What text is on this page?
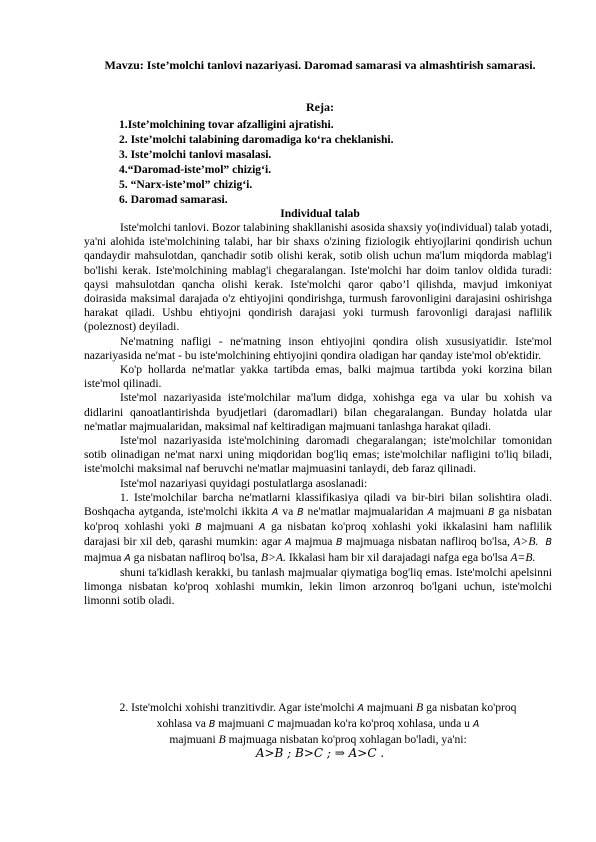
Mavzu: Iste’molchi tanlovi nazariyasi. Daromad samarasi va almashtirish samarasi.
Reja:
1.Iste’molchining tovar afzalligini ajratishi.
2. Iste’molchi talabining daromadiga ko‘ra cheklanishi.
3. Iste’molchi tanlovi masalasi.
4.“Daromad-iste’mol” chizig‘i.
5. “Narx-iste’mol” chizig‘i.
6. Daromad samarasi.
Individual talab

Iste'molchi tanlovi. Bozor talabining shakllanishi asosida shaxsiy yo(individual) talab yotadi, ya'ni alohida iste'molchining talabi, har bir shaxs o'zining fiziologik ehtiyojlarini qondirish uchun qandaydir mahsulotdan, qanchadir sotib olishi kerak, sotib olish uchun ma'lum miqdorda mablag'i bo'lishi kerak. Iste'molchining mablag'i chegaralangan. Iste'molchi har doim tanlov oldida turadi: qaysi mahsulotdan qancha olishi kerak. Iste'molchi qaror qabo’l qilishda, mavjud imkoniyat doirasida maksimal darajada o'z ehtiyojini qondirishga, turmush farovonligini darajasini oshirishga harakat qiladi. Ushbu ehtiyojni qondirish darajasi yoki turmush farovonligi darajasi naflilik (poleznost) deyiladi.

Ne'matning nafligi - ne'matning inson ehtiyojini qondira olish xususiyatidir. Iste'mol nazariyasida ne'mat - bu iste'molchining ehtiyojini qondira oladigan har qanday iste'mol ob'ektidir.

Ko'p hollarda ne'matlar yakka tartibda emas, balki majmua tartibda yoki korzina bilan iste'mol qilinadi.

Iste'mol nazariyasida iste'molchilar ma'lum didga, xohishga ega va ular bu xohish va didlarini qanoatlantirishda byudjetlari (daromadlari) bilan chegaralangan. Bunday holatda ular ne'matlar majmualaridan, maksimal naf keltiradigan majmuani tanlashga harakat qiladi.

Iste'mol nazariyasida iste'molchining daromadi chegaralangan; iste'molchilar tomonidan sotib olinadigan ne'mat narxi uning miqdoridan bog'liq emas; iste'molchilar nafligini to'liq biladi, iste'molchi maksimal naf beruvchi ne'matlar majmuasini tanlaydi, deb faraz qilinadi.

Iste'mol nazariyasi quyidagi postulatlarga asoslanadi:

1. Iste'molchilar barcha ne'matlarni klassifikasiya qiladi va bir-biri bilan solishtira oladi. Boshqacha aytganda, iste'molchi ikkita A va B ne'matlar majmualaridan A majmuani B ga nisbatan ko'proq xohlashi yoki B majmuani A ga nisbatan ko'proq xohlashi yoki ikkalasini ham naflilik darajasi bir xil deb, qarashi mumkin: agar A majmua B majmuaga nisbatan nafliroq bo'lsa, A>B. B majmua A ga nisbatan nafliroq bo'lsa, B>A. Ikkalasi ham bir xil darajadagi nafga ega bo'lsa A=B.

shuni ta'kidlash kerakki, bu tanlash majmualar qiymatiga bog'liq emas. Iste'molchi apelsinni limonga nisbatan ko'proq xohlashi mumkin, lekin limon arzonroq bo'lgani uchun, iste'molchi limonni sotib oladi.

2. Iste'molchi xohishi tranzitivdir. Agar iste'molchi A majmuani B ga nisbatan ko'proq xohlasa va B majmuani C majmuadan ko'ra ko'proq xohlasa, unda u A
majmuani B majmuaga nisbatan ko'proq xohlagan bo'ladi, ya'ni:
A>B ; B>C ; ⇒ A>C .
